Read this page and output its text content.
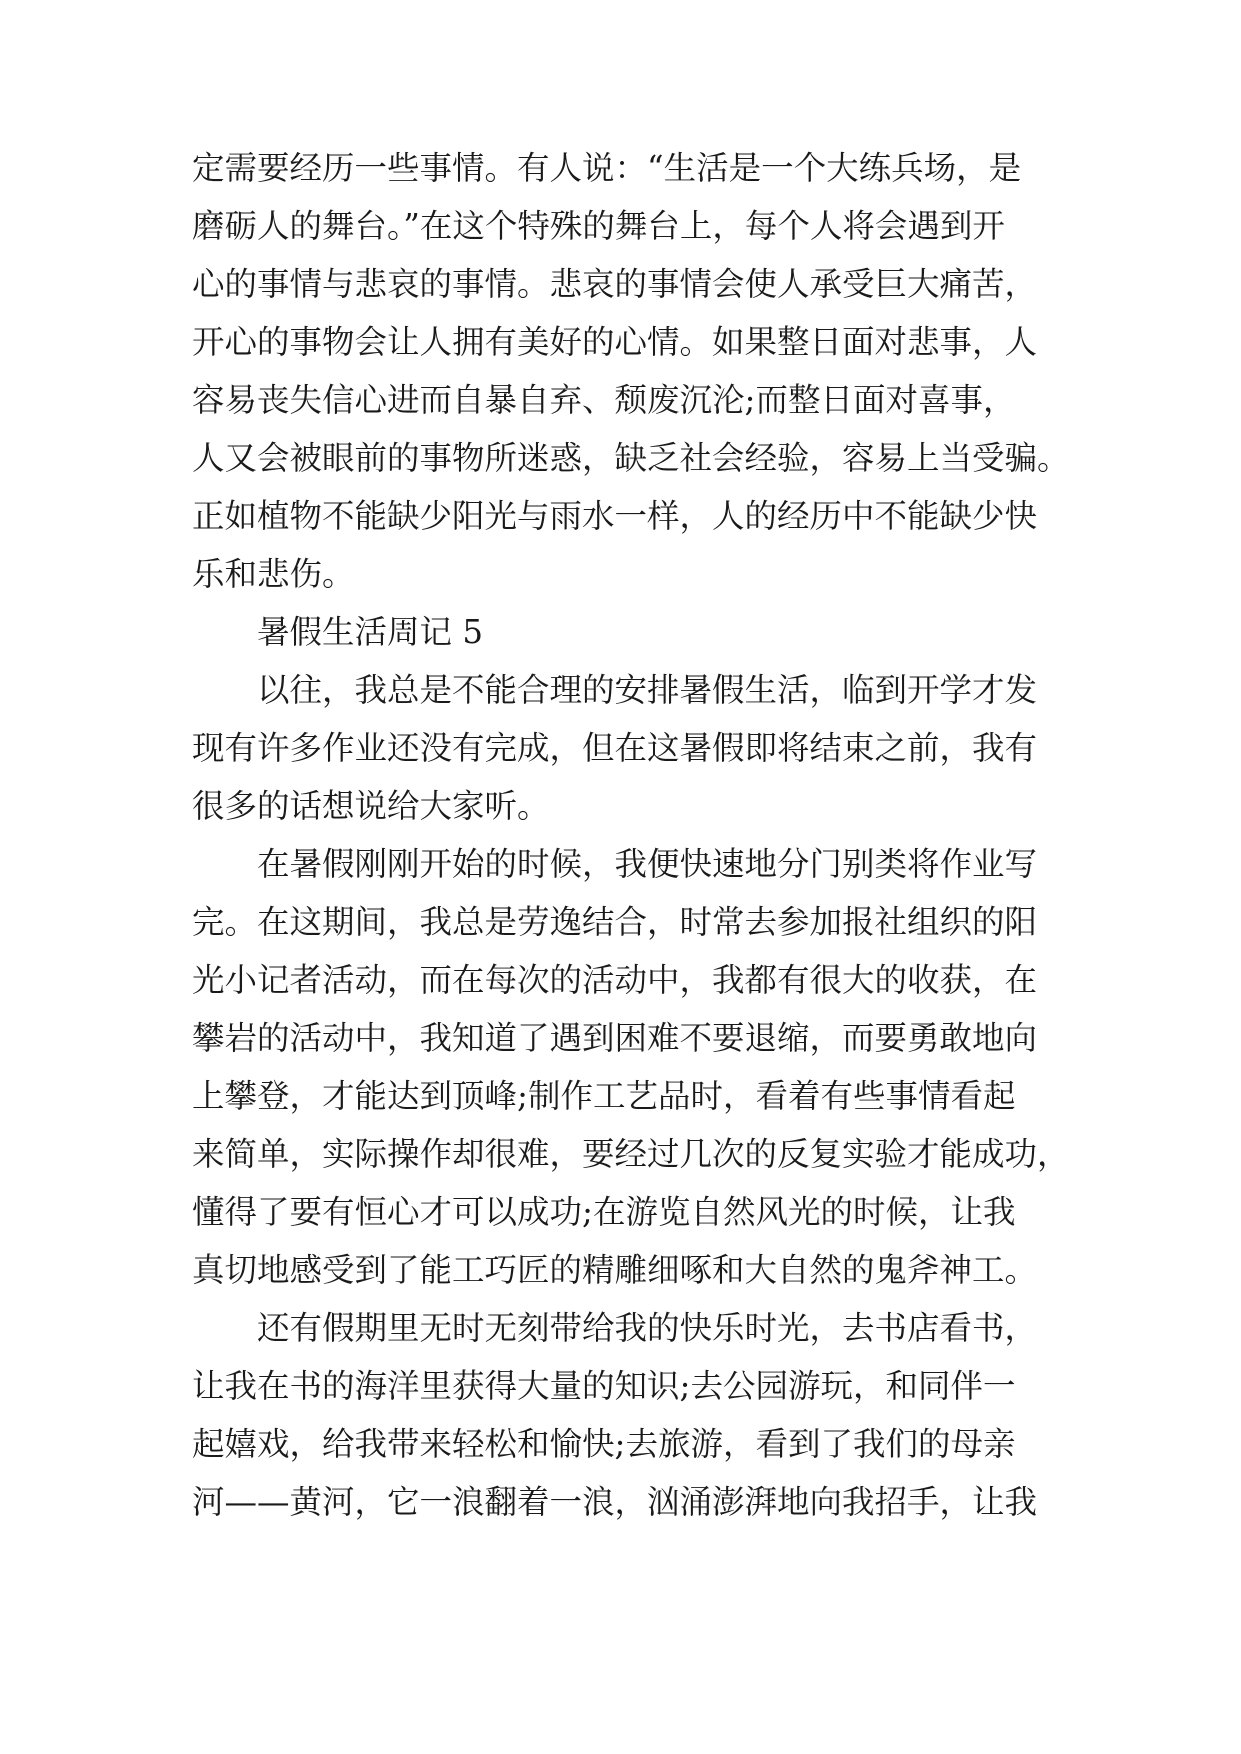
定需要经历一些事情。有人说：“生活是一个大练兵场，是
磨砺人的舞台。”在这个特殊的舞台上，每个人将会遇到开
心的事情与悲哀的事情。悲哀的事情会使人承受巨大痛苦，
开心的事物会让人拥有美好的心情。如果整日面对悲事，人
容易丧失信心进而自暴自弃、颓废沉沦;而整日面对喜事，
人又会被眼前的事物所迷惑，缺乏社会经验，容易上当受骗。
正如植物不能缺少阳光与雨水一样，人的经历中不能缺少快
乐和悲伤。
暑假生活周记 5
以往，我总是不能合理的安排暑假生活，临到开学才发
现有许多作业还没有完成，但在这暑假即将结束之前，我有
很多的话想说给大家听。
在暑假刚刚开始的时候，我便快速地分门别类将作业写
完。在这期间，我总是劳逸结合，时常去参加报社组织的阳
光小记者活动，而在每次的活动中，我都有很大的收获，在
攀岩的活动中，我知道了遇到困难不要退缩，而要勇敢地向
上攀登，才能达到顶峰;制作工艺品时，看着有些事情看起
来简单，实际操作却很难，要经过几次的反复实验才能成功，
懂得了要有恒心才可以成功;在游览自然风光的时候，让我
真切地感受到了能工巧匠的精雕细啄和大自然的鬼斧神工。
还有假期里无时无刻带给我的快乐时光，去书店看书，
让我在书的海洋里获得大量的知识;去公园游玩，和同伴一
起嬉戏，给我带来轻松和愉快;去旅游，看到了我们的母亲
河——黄河，它一浪翻着一浪，汹涌澎湃地向我招手，让我
